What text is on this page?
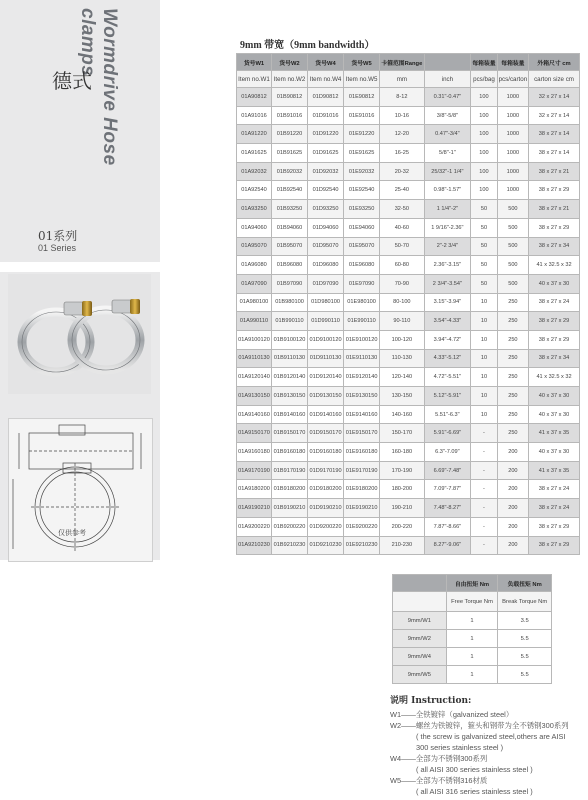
Wormdrive Hose clamps
德式
01系列
01 Series
仅供参考
9mm 带宽（9mm bandwidth）
货号W1	货号W2	货号W4	货号W5	卡箍范围Range		每箱装量	每箱装量	外箱尺寸 cm
Item no.W1	Item no.W2	Item no.W4	Item no.W5	mm	inch	pcs/bag	pcs/carton	carton size cm
01A90812	01B90812	01D90812	01E90812	8-12	0.31"-0.47"	100	1000	32 x 27 x 14
01A91016	01B91016	01D91016	01E91016	10-16	3/8"-5/8"	100	1000	32 x 27 x 14
01A91220	01B91220	01D91220	01E91220	12-20	0.47"-3/4"	100	1000	38 x 27 x 14
01A91625	01B91625	01D91625	01E91625	16-25	5/8"-1"	100	1000	38 x 27 x 14
01A92032	01B92032	01D92032	01E92032	20-32	25/32"-1 1/4"	100	1000	38 x 27 x 21
01A92540	01B92540	01D92540	01E92540	25-40	0.98"-1.57"	100	1000	38 x 27 x 29
01A93250	01B93250	01D93250	01E93250	32-50	1 1/4"-2"	50	500	38 x 27 x 21
01A94060	01B94060	01D94060	01E94060	40-60	1 9/16"-2.36"	50	500	38 x 27 x 29
01A95070	01B95070	01D95070	01E95070	50-70	2"-2 3/4"	50	500	38 x 27 x 34
01A96080	01B96080	01D96080	01E96080	60-80	2.36"-3.15"	50	500	41 x 32.5 x 32
01A97090	01B97090	01D97090	01E97090	70-90	2 3/4"-3.54"	50	500	40 x 37 x 30
01A980100	01B980100	01D980100	01E980100	80-100	3.15"-3.94"	10	250	38 x 27 x 24
01A990110	01B990110	01D990110	01E990110	90-110	3.54"-4.33"	10	250	38 x 27 x 29
01A9100120	01B9100120	01D9100120	01E9100120	100-120	3.94"-4.72"	10	250	38 x 27 x 29
01A9110130	01B9110130	01D9110130	01E9110130	110-130	4.33"-5.12"	10	250	38 x 27 x 34
01A9120140	01B9120140	01D9120140	01E9120140	120-140	4.72"-5.51"	10	250	41 x 32.5 x 32
01A9130150	01B9130150	01D9130150	01E9130150	130-150	5.12"-5.91"	10	250	40 x 37 x 30
01A9140160	01B9140160	01D9140160	01E9140160	140-160	5.51"-6.3"	10	250	40 x 37 x 30
01A9150170	01B9150170	01D9150170	01E9150170	150-170	5.91"-6.69"	-	250	41 x 37 x 35
01A9160180	01B9160180	01D9160180	01E9160180	160-180	6.3"-7.09"	-	200	40 x 37 x 30
01A9170190	01B9170190	01D9170190	01E9170190	170-190	6.69"-7.48"	-	200	41 x 37 x 35
01A9180200	01B9180200	01D9180200	01E9180200	180-200	7.09"-7.87"	-	200	38 x 27 x 24
01A9190210	01B9190210	01D9190210	01E9190210	190-210	7.48"-8.27"	-	200	38 x 27 x 24
01A9200220	01B9200220	01D9200220	01E9200220	200-220	7.87"-8.66"	-	200	38 x 27 x 29
01A9210230	01B9210230	01D9210230	01E9210230	210-230	8.27"-9.06"	-	200	38 x 27 x 29
	自由扭矩 Nm	负载扭矩 Nm
	Free Torque Nm	Break Torque Nm
9mm/W1	1	3.5
9mm/W2	1	5.5
9mm/W4	1	5.5
9mm/W5	1	5.5
说明 Instruction:
W1——全铁镀锌（galvanized steel）
W2——螺丝为铁镀锌，箍头和钢带为全不锈钢300系列
( the screw is galvanized steel,others are AISI
300 series stainless steel )
W4——全部为不锈钢300系列
( all AISI 300 series stainless steel )
W5——全部为不锈钢316材质
( all AISI 316 series stainless steel )
